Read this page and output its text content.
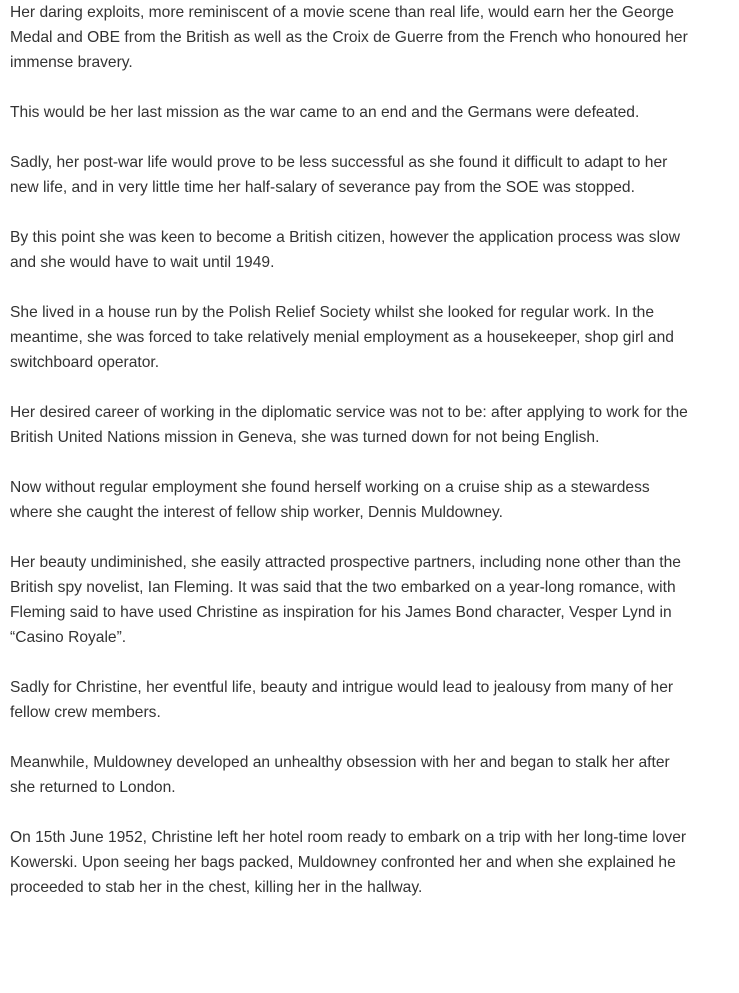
Her daring exploits, more reminiscent of a movie scene than real life, would earn her the George Medal and OBE from the British as well as the Croix de Guerre from the French who honoured her immense bravery.

This would be her last mission as the war came to an end and the Germans were defeated.

Sadly, her post-war life would prove to be less successful as she found it difficult to adapt to her new life, and in very little time her half-salary of severance pay from the SOE was stopped.

By this point she was keen to become a British citizen, however the application process was slow and she would have to wait until 1949.

She lived in a house run by the Polish Relief Society whilst she looked for regular work. In the meantime, she was forced to take relatively menial employment as a housekeeper, shop girl and switchboard operator.

Her desired career of working in the diplomatic service was not to be: after applying to work for the British United Nations mission in Geneva, she was turned down for not being English.

Now without regular employment she found herself working on a cruise ship as a stewardess where she caught the interest of fellow ship worker, Dennis Muldowney.

Her beauty undiminished, she easily attracted prospective partners, including none other than the British spy novelist, Ian Fleming. It was said that the two embarked on a year-long romance, with Fleming said to have used Christine as inspiration for his James Bond character, Vesper Lynd in “Casino Royale”.

Sadly for Christine, her eventful life, beauty and intrigue would lead to jealousy from many of her fellow crew members.

Meanwhile, Muldowney developed an unhealthy obsession with her and began to stalk her after she returned to London.

On 15th June 1952, Christine left her hotel room ready to embark on a trip with her long-time lover Kowerski. Upon seeing her bags packed, Muldowney confronted her and when she explained he proceeded to stab her in the chest, killing her in the hallway.
